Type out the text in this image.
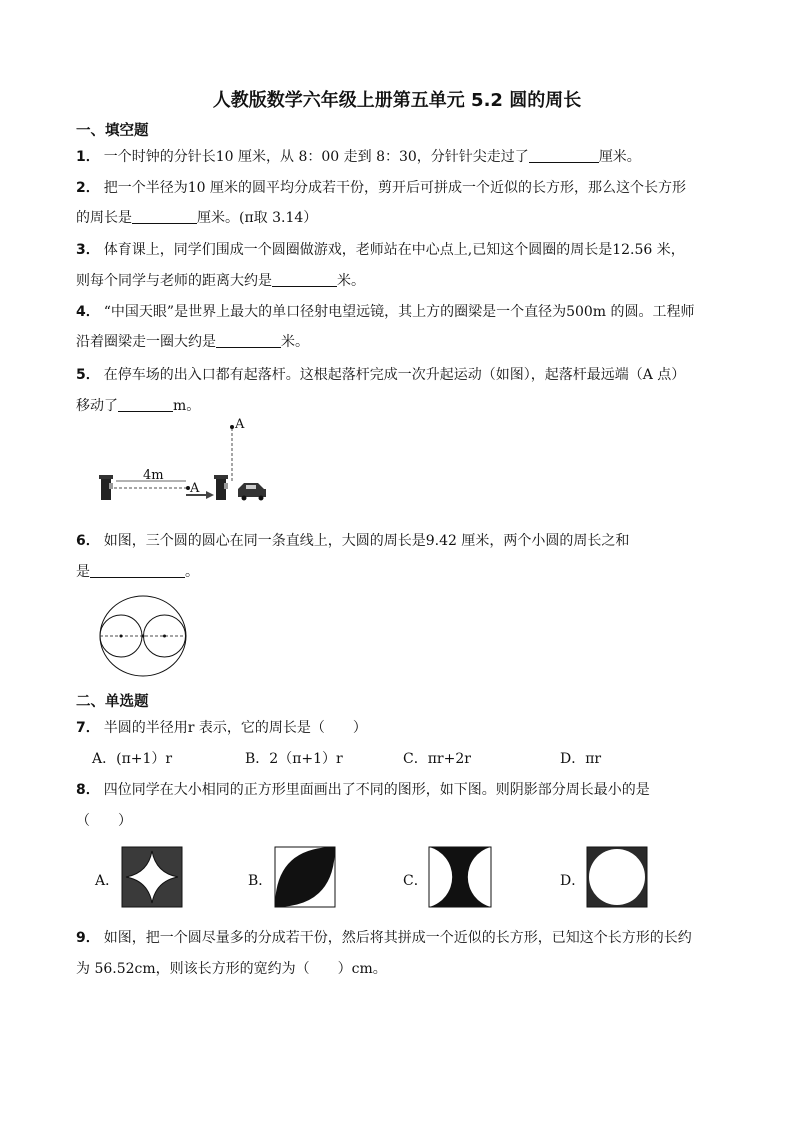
人教版数学六年级上册第五单元 5.2 圆的周长
一、填空题
1． 一个时钟的分针长10 厘米，从 8：00 走到 8：30，分针针尖走过了	厘米。
2． 把一个半径为10 厘米的圆平均分成若干份，剪开后可拼成一个近似的长方形，那么这个长方形
的周长是	厘米。(π取 3.14）
3． 体育课上，同学们围成一个圆圈做游戏，老师站在中心点上,已知这个圆圈的周长是12.56 米，
则每个同学与老师的距离大约是	米。
4． “中国天眼”是世界上最大的单口径射电望远镜，其上方的圈梁是一个直径为500m 的圆。工程师
沿着圈梁走一圈大约是	米。
5． 在停车场的出入口都有起落杆。这根起落杆完成一次升起运动（如图），起落杆最远端（A 点）
移动了	m。
4m
A
A
6． 如图，三个圆的圆心在同一条直线上，大圆的周长是9.42 厘米，两个小圆的周长之和
是	。
二、单选题
7． 半圆的半径用r 表示，它的周长是（　　）
A．(π+1）r	B．2（π+1）r	C．πr+2r	D．πr
8． 四位同学在大小相同的正方形里面画出了不同的图形，如下图。则阴影部分周长最小的是
（　　）
A．	B．	C．	D．
9． 如图，把一个圆尽量多的分成若干份，然后将其拼成一个近似的长方形，已知这个长方形的长约
为 56.52cm，则该长方形的宽约为（　　）cm。
